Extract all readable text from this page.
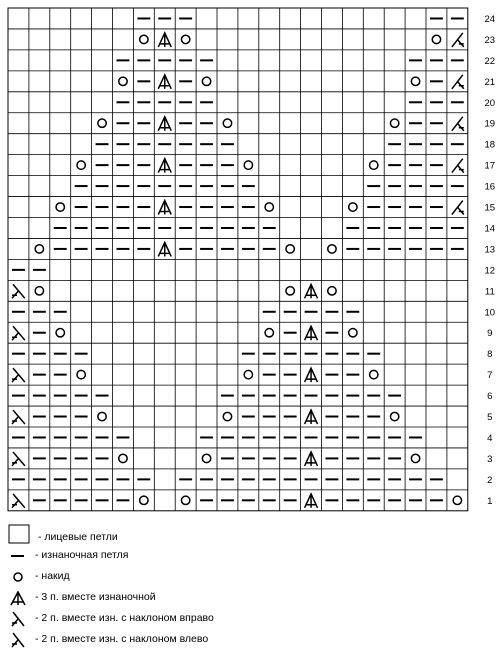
24
23
22
21
20
19
18
17
16
15
14
13
12
11
10
9
8
7
6
5
4
3
2
1
- лицевые петли
- изнаночная петля
- накид
- 3 п. вместе изнаночной
- 2 п. вместе изн. с наклоном вправо
- 2 п. вместе изн. с наклоном влево
